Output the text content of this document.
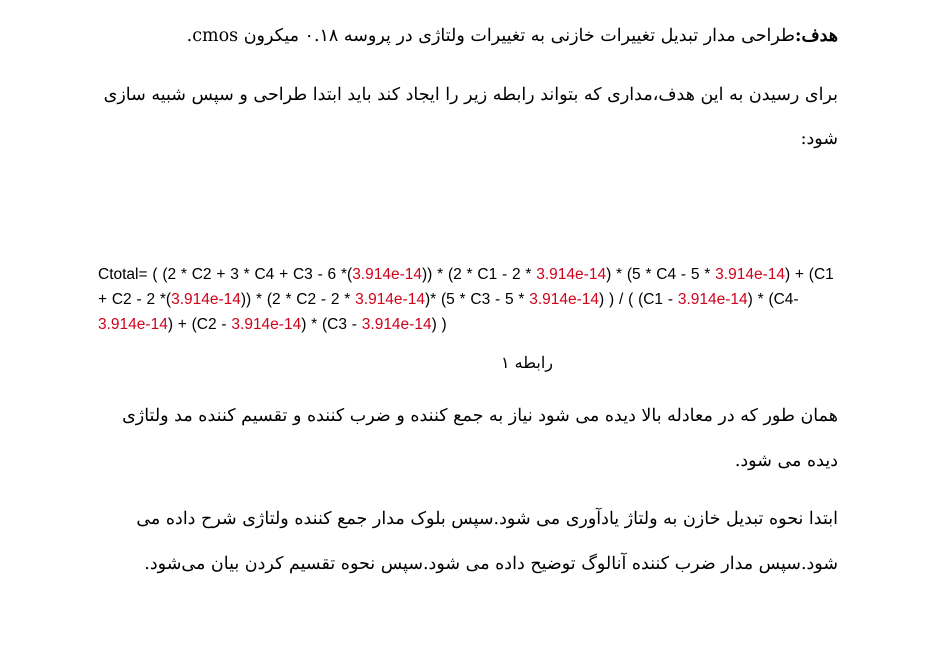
هدف:طراحی مدار تبدیل تغییرات خازنی به تغییرات ولتاژی در پروسه ۰.۱۸ میکرون cmos.

برای رسیدن به این هدف،مداری که بتواند رابطه زیر را ایجاد کند باید ابتدا طراحی و سپس شبیه سازی شود:

Ctotal= ( (2 * C2 + 3 * C4 + C3 - 6 *(3.914e-14)) * (2 * C1 - 2 * 3.914e-14) * (5 * C4 - 5 * 3.914e-14) + (C1 + C2 - 2 *(3.914e-14)) * (2 * C2 - 2 * 3.914e-14)* (5 * C3 - 5 * 3.914e-14) ) / ( (C1 - 3.914e-14) * (C4- 3.914e-14) + (C2 - 3.914e-14) * (C3 - 3.914e-14) )
رابطه ۱

همان طور که در معادله بالا دیده می شود نیاز به جمع کننده و ضرب کننده و تقسیم کننده مد ولتاژی دیده می شود.

ابتدا نحوه تبدیل خازن به ولتاژ یادآوری می شود.سپس بلوک مدار جمع کننده ولتاژی شرح داده می شود.سپس مدار ضرب کننده آنالوگ توضیح داده می شود.سپس نحوه تقسیم کردن بیان می‌شود.
